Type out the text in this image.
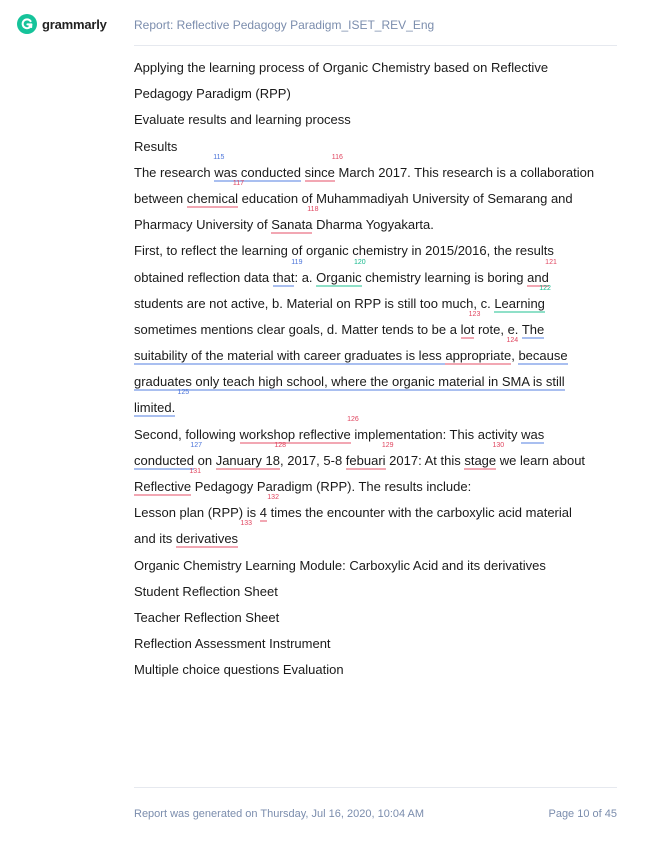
grammarly Report: Reflective Pedagogy Paradigm_ISET_REV_Eng
Applying the learning process of Organic Chemistry based on Reflective
Pedagogy Paradigm (RPP)
Evaluate results and learning process
Results
The research
115
was conducted since
116
March 2017. This research is a collaboration
between chemical
117
education of Muhammadiyah University of Semarang and
Pharmacy University of Sanata
118
Dharma Yogyakarta.
First, to reflect the learning of organic chemistry in 2015/2016, the results
obtained reflection data that
119
: a. Organic
120
chemistry learning is boring and
121
students are not active, b. Material on RPP is still too much, c. Learning
122
sometimes mentions clear goals, d. Matter tends to be a lot
123
rote, e. The
suitability of the material with career graduates is less appropriate,
124
because
graduates only teach high school, where the organic material in SMA is still
limited.
125
Second, following workshop reflective
126
implementation: This activity was
conducted
127
on January 18
128
, 2017, 5-8 febuari
129
2017: At this stage
130
we learn about
Reflective
131
Pedagogy Paradigm (RPP). The results include:
Lesson plan (RPP) is 4
132
times the encounter with the carboxylic acid material
and its derivatives
133
Organic Chemistry Learning Module: Carboxylic Acid and its derivatives
Student Reflection Sheet
Teacher Reflection Sheet
Reflection Assessment Instrument
Multiple choice questions Evaluation
Report was generated on Thursday, Jul 16, 2020, 10:04 AM	Page 10 of 45
